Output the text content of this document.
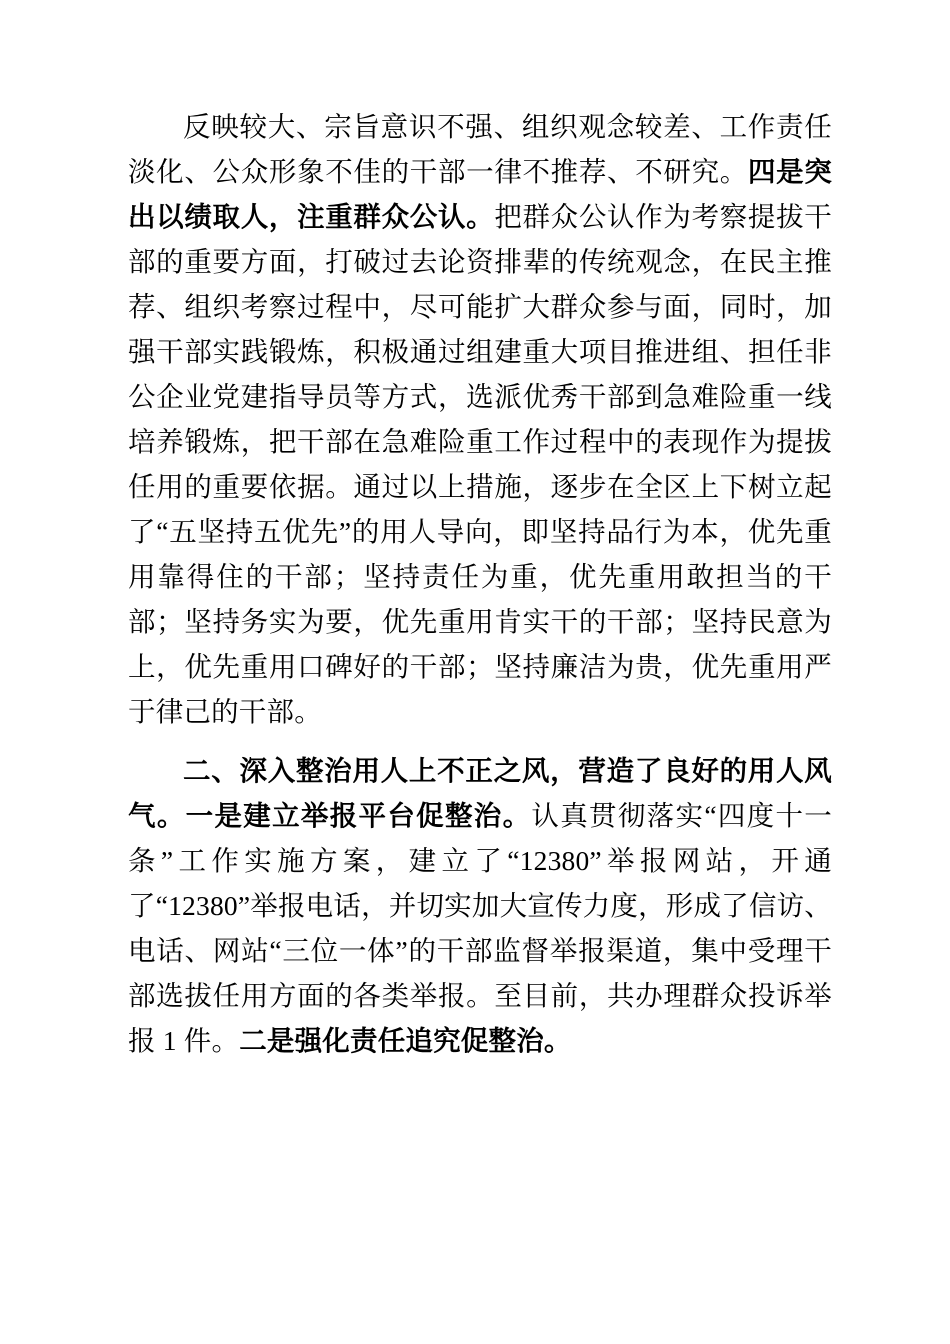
反映较大、宗旨意识不强、组织观念较差、工作责任淡化、公众形象不佳的干部一律不推荐、不研究。四是突出以绩取人，注重群众公认。把群众公认作为考察提拔干部的重要方面，打破过去论资排辈的传统观念，在民主推荐、组织考察过程中，尽可能扩大群众参与面，同时，加强干部实践锻炼，积极通过组建重大项目推进组、担任非公企业党建指导员等方式，选派优秀干部到急难险重一线培养锻炼，把干部在急难险重工作过程中的表现作为提拔任用的重要依据。通过以上措施，逐步在全区上下树立起了“五坚持五优先”的用人导向，即坚持品行为本，优先重用靠得住的干部；坚持责任为重，优先重用敢担当的干部；坚持务实为要，优先重用肯实干的干部；坚持民意为上，优先重用口碑好的干部；坚持廉洁为贵，优先重用严于律己的干部。

二、深入整治用人上不正之风，营造了良好的用人风气。一是建立举报平台促整治。认真贯彻落实“四度十一条”工作实施方案，建立了“12380”举报网站，开通了“12380”举报电话，并切实加大宣传力度，形成了信访、电话、网站“三位一体”的干部监督举报渠道，集中受理干部选拔任用方面的各类举报。至目前，共办理群众投诉举报 1 件。二是强化责任追究促整治。
